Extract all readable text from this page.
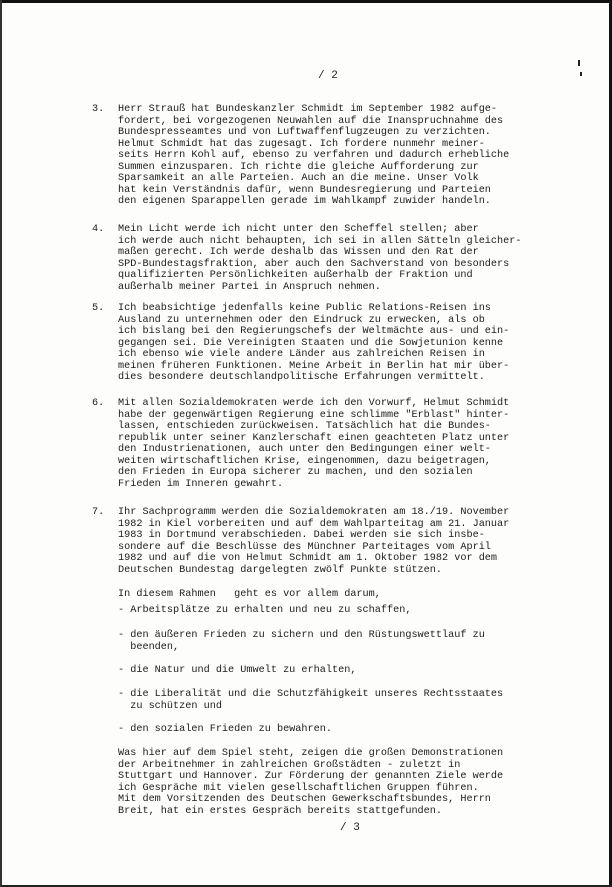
/ 2
3. Herr Strauß hat Bundeskanzler Schmidt im September 1982 aufge-
fordert, bei vorgezogenen Neuwahlen auf die Inanspruchnahme des
Bundespresseamtes und von Luftwaffenflugzeugen zu verzichten.
Helmut Schmidt hat das zugesagt. Ich fordere nunmehr meiner-
seits Herrn Kohl auf, ebenso zu verfahren und dadurch erhebliche
Summen einzusparen. Ich richte die gleiche Aufforderung zur
Sparsamkeit an alle Parteien. Auch an die meine. Unser Volk
hat kein Verständnis dafür, wenn Bundesregierung und Parteien
den eigenen Sparappellen gerade im Wahlkampf zuwider handeln.
4. Mein Licht werde ich nicht unter den Scheffel stellen; aber
ich werde auch nicht behaupten, ich sei in allen Sätteln gleicher-
maßen gerecht. Ich werde deshalb das Wissen und den Rat der
SPD-Bundestagsfraktion, aber auch den Sachverstand von besonders
qualifizierten Persönlichkeiten außerhalb der Fraktion und
außerhalb meiner Partei in Anspruch nehmen.
5. Ich beabsichtige jedenfalls keine Public Relations-Reisen ins
Ausland zu unternehmen oder den Eindruck zu erwecken, als ob
ich bislang bei den Regierungschefs der Weltmächte aus- und ein-
gegangen sei. Die Vereinigten Staaten und die Sowjetunion kenne
ich ebenso wie viele andere Länder aus zahlreichen Reisen in
meinen früheren Funktionen. Meine Arbeit in Berlin hat mir über-
dies besondere deutschlandpolitische Erfahrungen vermittelt.
6. Mit allen Sozialdemokraten werde ich den Vorwurf, Helmut Schmidt
habe der gegenwärtigen Regierung eine schlimme "Erblast" hinter-
lassen, entschieden zurückweisen. Tatsächlich hat die Bundes-
republik unter seiner Kanzlerschaft einen geachteten Platz unter
den Industrienationen, auch unter den Bedingungen einer welt-
weiten wirtschaftlichen Krise, eingenommen, dazu beigetragen,
den Frieden in Europa sicherer zu machen, und den sozialen
Frieden im Inneren gewahrt.
7. Ihr Sachprogramm werden die Sozialdemokraten am 18./19. November
1982 in Kiel vorbereiten und auf dem Wahlparteitag am 21. Januar
1983 in Dortmund verabschieden. Dabei werden sie sich insbe-
sondere auf die Beschlüsse des Münchner Parteitages vom April
1982 und auf die von Helmut Schmidt am 1. Oktober 1982 vor dem
Deutschen Bundestag dargelegten zwölf Punkte stützen.
In diesem Rahmen   geht es vor allem darum,
- Arbeitsplätze zu erhalten und neu zu schaffen,
- den äußeren Frieden zu sichern und den Rüstungswettlauf zu
beenden,
- die Natur und die Umwelt zu erhalten,
- die Liberalität und die Schutzfähigkeit unseres Rechtsstaates
zu schützen und
- den sozialen Frieden zu bewahren.
Was hier auf dem Spiel steht, zeigen die großen Demonstrationen
der Arbeitnehmer in zahlreichen Großstädten - zuletzt in
Stuttgart und Hannover. Zur Förderung der genannten Ziele werde
ich Gespräche mit vielen gesellschaftlichen Gruppen führen.
Mit dem Vorsitzenden des Deutschen Gewerkschaftsbundes, Herrn
Breit, hat ein erstes Gespräch bereits stattgefunden.
/ 3
